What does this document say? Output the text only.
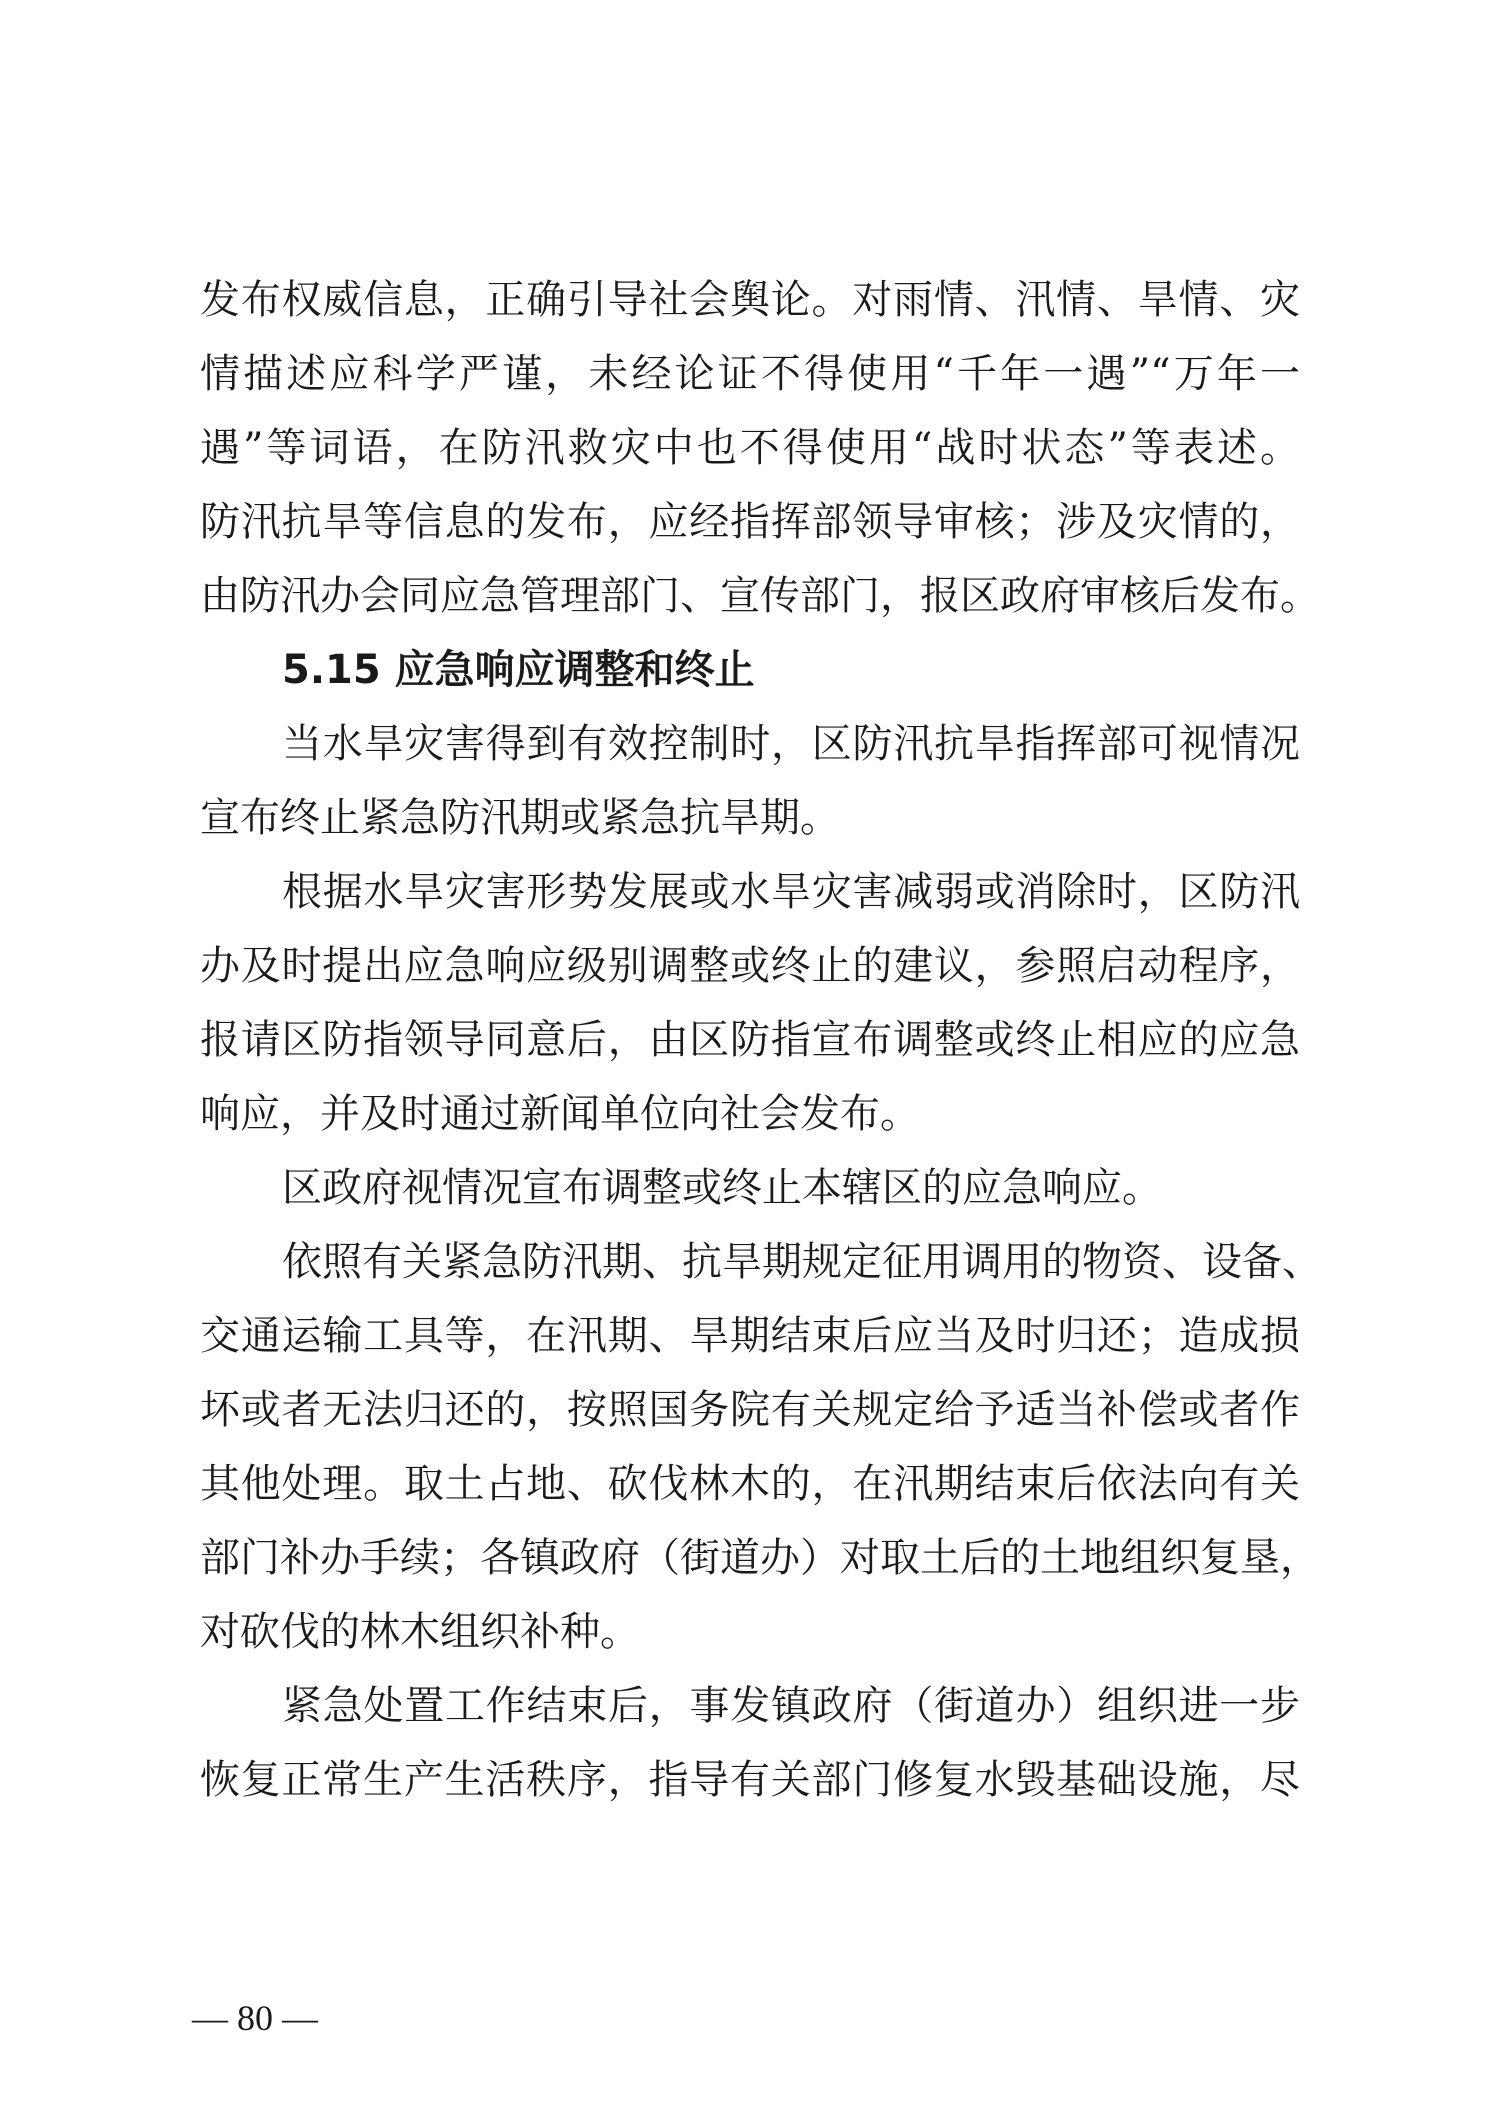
发布权威信息，正确引导社会舆论。对雨情、汛情、旱情、灾
情描述应科学严谨，未经论证不得使用“千年一遇”“万年一
遇”等词语，在防汛救灾中也不得使用“战时状态”等表述。
防汛抗旱等信息的发布，应经指挥部领导审核；涉及灾情的，
由防汛办会同应急管理部门、宣传部门，报区政府审核后发布。
5.15 应急响应调整和终止
当水旱灾害得到有效控制时，区防汛抗旱指挥部可视情况
宣布终止紧急防汛期或紧急抗旱期。
根据水旱灾害形势发展或水旱灾害减弱或消除时，区防汛
办及时提出应急响应级别调整或终止的建议，参照启动程序，
报请区防指领导同意后，由区防指宣布调整或终止相应的应急
响应，并及时通过新闻单位向社会发布。
区政府视情况宣布调整或终止本辖区的应急响应。
依照有关紧急防汛期、抗旱期规定征用调用的物资、设备、
交通运输工具等，在汛期、旱期结束后应当及时归还；造成损
坏或者无法归还的，按照国务院有关规定给予适当补偿或者作
其他处理。取土占地、砍伐林木的，在汛期结束后依法向有关
部门补办手续；各镇政府（街道办）对取土后的土地组织复垦，
对砍伐的林木组织补种。
紧急处置工作结束后，事发镇政府（街道办）组织进一步
恢复正常生产生活秩序，指导有关部门修复水毁基础设施，尽
— 80 —
